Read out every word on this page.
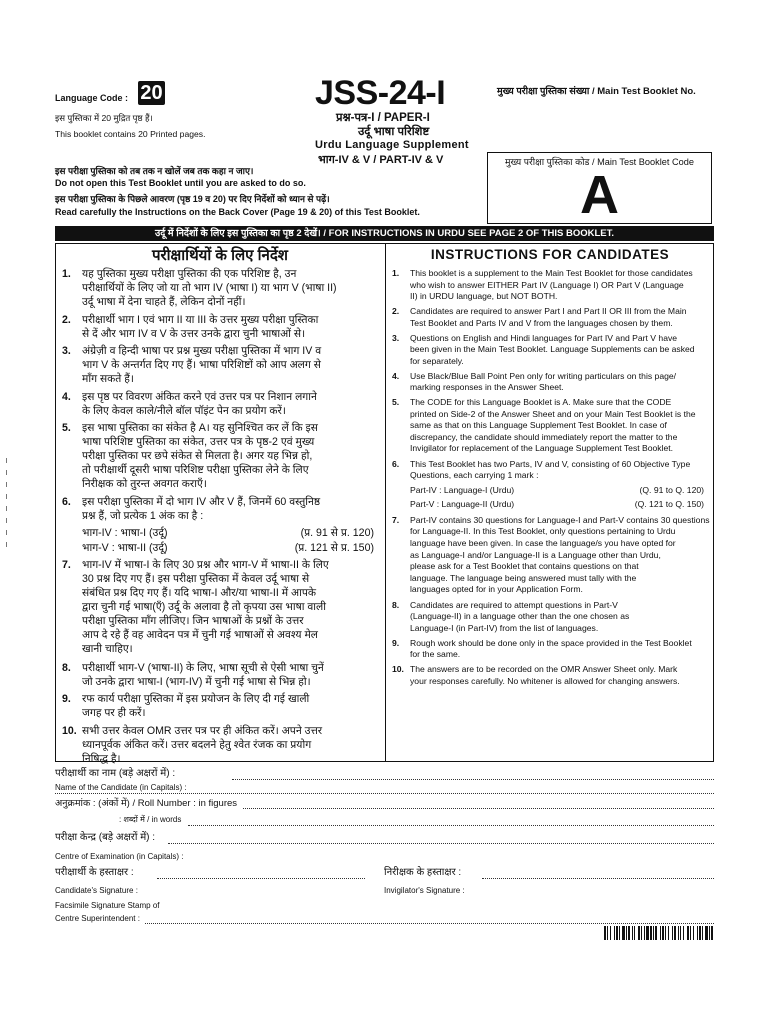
Language Code : 20
इस पुस्तिका में 20 मुद्रित पृष्ठ हैं।
This booklet contains 20 Printed pages.
JSS-24-I
प्रश्न-पत्र-I / PAPER-I
उर्दू भाषा परिशिष्ट
Urdu Language Supplement
भाग-IV & V / PART-IV & V
मुख्य परीक्षा पुस्तिका संख्या / Main Test Booklet No.
मुख्य परीक्षा पुस्तिका कोड / Main Test Booklet Code
A
इस परीक्षा पुस्तिका को तब तक न खोलें जब तक कहा न जाए।
Do not open this Test Booklet until you are asked to do so.
इस परीक्षा पुस्तिका के पिछले आवरण (पृष्ठ 19 व 20) पर दिए निर्देशों को ध्यान से पढ़ें।
Read carefully the Instructions on the Back Cover (Page 19 & 20) of this Test Booklet.
उर्दू में निर्देशों के लिए इस पुस्तिका का पृष्ठ 2 देखें। / FOR INSTRUCTIONS IN URDU SEE PAGE 2 OF THIS BOOKLET.
परीक्षार्थियों के लिए निर्देश	INSTRUCTIONS FOR CANDIDATES
1. यह पुस्तिका मुख्य परीक्षा पुस्तिका की एक परिशिष्ट है, उन
परीक्षार्थियों के लिए जो या तो भाग IV (भाषा I) या भाग V (भाषा II)
उर्दू भाषा में देना चाहते हैं, लेकिन दोनों नहीं।
2. परीक्षार्थी भाग I एवं भाग II या III के उत्तर मुख्य परीक्षा पुस्तिका
से दें और भाग IV व V के उत्तर उनके द्वारा चुनी भाषाओं से।
3. अंग्रेज़ी व हिन्दी भाषा पर प्रश्न मुख्य परीक्षा पुस्तिका में भाग IV व
भाग V के अन्तर्गत दिए गए हैं। भाषा परिशिष्टों को आप अलग से
माँग सकते हैं।
4. इस पृष्ठ पर विवरण अंकित करने एवं उत्तर पत्र पर निशान लगाने
के लिए केवल काले/नीले बॉल पॉइंट पेन का प्रयोग करें।
5. इस भाषा पुस्तिका का संकेत है A। यह सुनिश्चित कर लें कि इस
भाषा परिशिष्ट पुस्तिका का संकेत, उत्तर पत्र के पृष्ठ-2 एवं मुख्य
परीक्षा पुस्तिका पर छपे संकेत से मिलता है। अगर यह भिन्न हो,
तो परीक्षार्थी दूसरी भाषा परिशिष्ट परीक्षा पुस्तिका लेने के लिए
निरीक्षक को तुरन्त अवगत कराएँ।
6. इस परीक्षा पुस्तिका में दो भाग IV और V हैं, जिनमें 60 वस्तुनिष्ठ
प्रश्न हैं, जो प्रत्येक 1 अंक का है :
भाग-IV : भाषा-I (उर्दू)	(प्र. 91 से प्र. 120)
भाग-V : भाषा-II (उर्दू)	(प्र. 121 से प्र. 150)
7. भाग-IV में भाषा-I के लिए 30 प्रश्न और भाग-V में भाषा-II के लिए
30 प्रश्न दिए गए हैं। इस परीक्षा पुस्तिका में केवल उर्दू भाषा से
संबंधित प्रश्न दिए गए हैं। यदि भाषा-I और/या भाषा-II में आपके
द्वारा चुनी गई भाषा(एँ) उर्दू के अलावा है तो कृपया उस भाषा वाली
परीक्षा पुस्तिका माँग लीजिए। जिन भाषाओं के प्रश्नों के उत्तर
आप दे रहे हैं वह आवेदन पत्र में चुनी गई भाषाओं से अवश्य मेल
खानी चाहिए।
8. परीक्षार्थी भाग-V (भाषा-II) के लिए, भाषा सूची से ऐसी भाषा चुनें
जो उनके द्वारा भाषा-I (भाग-IV) में चुनी गई भाषा से भिन्न हो।
9. रफ कार्य परीक्षा पुस्तिका में इस प्रयोजन के लिए दी गई खाली
जगह पर ही करें।
10. सभी उत्तर केवल OMR उत्तर पत्र पर ही अंकित करें। अपने उत्तर
ध्यानपूर्वक अंकित करें। उत्तर बदलने हेतु श्वेत रंजक का प्रयोग
निषिद्ध है।
1. This booklet is a supplement to the Main Test Booklet for those candidates
who wish to answer EITHER Part IV (Language I) OR Part V (Language
II) in URDU language, but NOT BOTH.
2. Candidates are required to answer Part I and Part II OR III from the Main
Test Booklet and Parts IV and V from the languages chosen by them.
3. Questions on English and Hindi languages for Part IV and Part V have
been given in the Main Test Booklet. Language Supplements can be asked
for separately.
4. Use Black/Blue Ball Point Pen only for writing particulars on this page/
marking responses in the Answer Sheet.
5. The CODE for this Language Booklet is A. Make sure that the CODE
printed on Side-2 of the Answer Sheet and on your Main Test Booklet is the
same as that on this Language Supplement Test Booklet. In case of
discrepancy, the candidate should immediately report the matter to the
Invigilator for replacement of the Language Supplement Test Booklet.
6. This Test Booklet has two Parts, IV and V, consisting of 60 Objective Type
Questions, each carrying 1 mark :
Part-IV : Language-I (Urdu)	(Q. 91 to Q. 120)
Part-V : Language-II (Urdu)	(Q. 121 to Q. 150)
7. Part-IV contains 30 questions for Language-I and Part-V contains 30 questions
for Language-II. In this Test Booklet, only questions pertaining to Urdu
language have been given. In case the language/s you have opted for
as Language-I and/or Language-II is a Language other than Urdu,
please ask for a Test Booklet that contains questions on that
language. The language being answered must tally with the
languages opted for in your Application Form.
8. Candidates are required to attempt questions in Part-V
(Language-II) in a language other than the one chosen as
Language-I (in Part-IV) from the list of languages.
9. Rough work should be done only in the space provided in the Test Booklet
for the same.
10. The answers are to be recorded on the OMR Answer Sheet only. Mark
your responses carefully. No whitener is allowed for changing answers.
परीक्षार्थी का नाम (बड़े अक्षरों में) :
Name of the Candidate (in Capitals) :
अनुक्रमांक : (अंकों में) / Roll Number : in figures
: शब्दों में / in words
परीक्षा केन्द्र (बड़े अक्षरों में) :
Centre of Examination (in Capitals) :
परीक्षार्थी के हस्ताक्षर :	निरीक्षक के हस्ताक्षर :
Candidate's Signature :	Invigilator's Signature :
Facsimile Signature Stamp of
Centre Superintendent :
